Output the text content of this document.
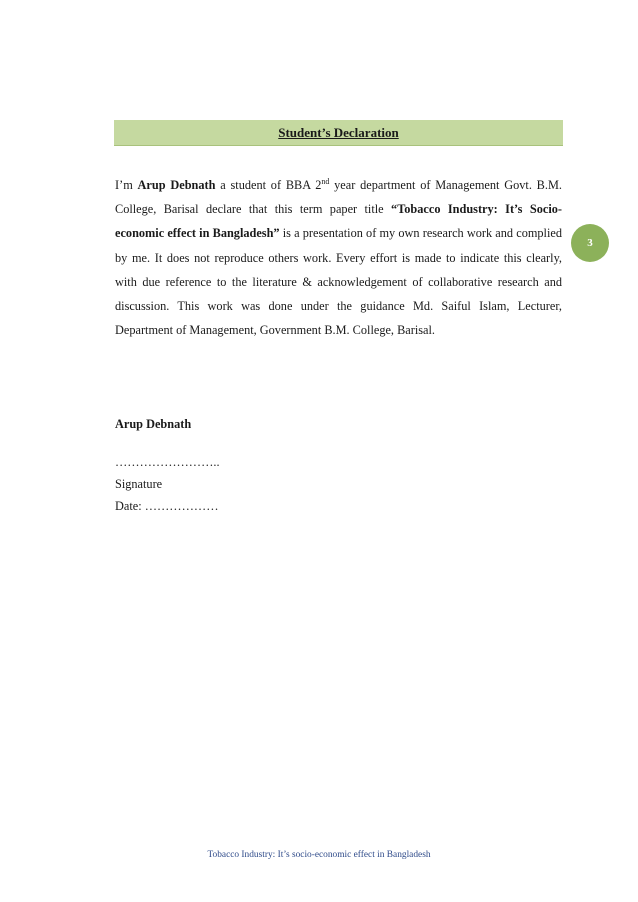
Student’s Declaration
3

I’m Arup Debnath a student of BBA 2nd year department of Management Govt. B.M. College, Barisal declare that this term paper title “Tobacco Industry: It’s Socio-economic effect in Bangladesh” is a presentation of my own research work and complied by me. It does not reproduce others work. Every effort is made to indicate this clearly, with due reference to the literature & acknowledgement of collaborative research and discussion. This work was done under the guidance Md. Saiful Islam, Lecturer, Department of Management, Government B.M. College, Barisal.

Arup Debnath
……………………..
Signature
Date: ………………
Tobacco Industry: It’s socio-economic effect in Bangladesh
